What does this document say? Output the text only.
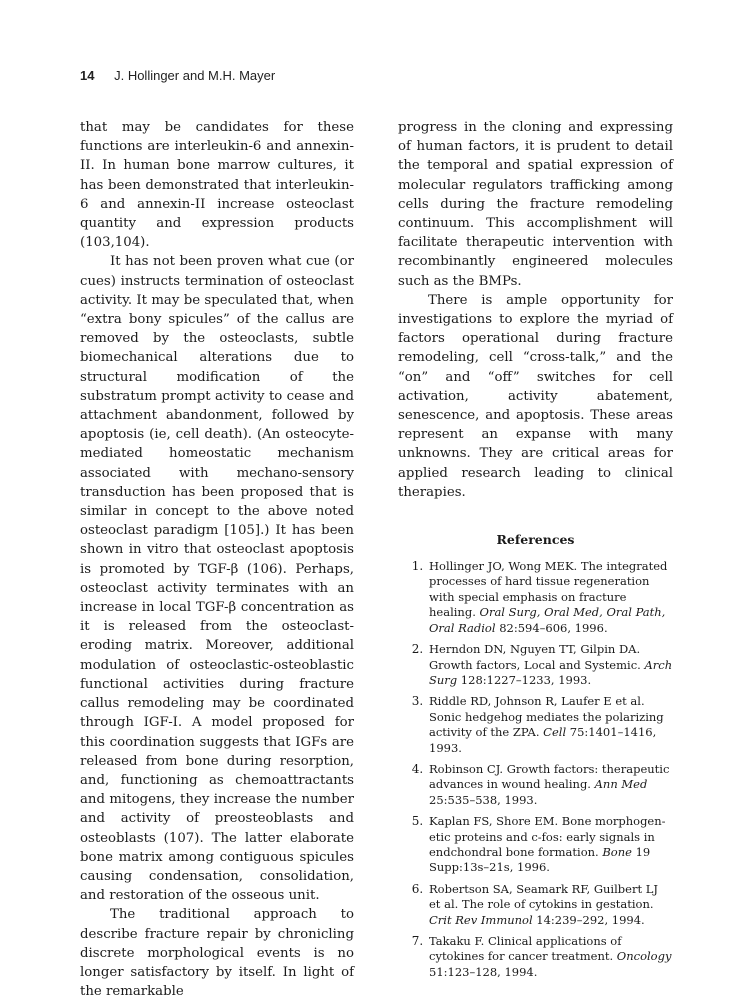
14 J. Hollinger and M.H. Mayer

that may be candidates for these functions are interleukin-6 and annexin-II. In human bone marrow cultures, it has been demonstrated that interleukin-6 and annexin-II increase osteoclast quantity and expression products (103,104).

It has not been proven what cue (or cues) instructs termination of osteoclast activity. It may be speculated that, when “extra bony spicules” of the callus are removed by the osteoclasts, subtle biomechanical alterations due to structural modification of the substratum prompt activity to cease and attachment abandonment, followed by apoptosis (ie, cell death). (An osteocyte-mediated homeostatic mechanism associated with mechano-sensory transduction has been proposed that is similar in concept to the above noted osteoclast paradigm [105].) It has been shown in vitro that osteoclast apoptosis is promoted by TGF-β (106). Perhaps, osteoclast activity terminates with an increase in local TGF-β concentration as it is released from the osteoclast-eroding matrix. Moreover, additional modulation of osteoclastic-osteoblastic functional activities during fracture callus remodeling may be coordinated through IGF-I. A model proposed for this coordination suggests that IGFs are released from bone during resorption, and, functioning as chemoattractants and mitogens, they increase the number and activity of preosteoblasts and osteoblasts (107). The latter elaborate bone matrix among contiguous spicules causing condensation, consolidation, and restoration of the osseous unit.

The traditional approach to describe fracture repair by chronicling discrete morphological events is no longer satisfactory by itself. In light of the remarkable

progress in the cloning and expressing of human factors, it is prudent to detail the temporal and spatial expression of molecular regulators trafficking among cells during the fracture remodeling continuum. This accomplishment will facilitate therapeutic intervention with recombinantly engineered molecules such as the BMPs.

There is ample opportunity for investigations to explore the myriad of factors operational during fracture remodeling, cell “cross-talk,” and the “on” and “off” switches for cell activation, activity abatement, senescence, and apoptosis. These areas represent an expanse with many unknowns. They are critical areas for applied research leading to clinical therapies.

References
1. Hollinger JO, Wong MEK. The integrated processes of hard tissue regeneration with special emphasis on fracture healing. Oral Surg, Oral Med, Oral Path, Oral Radiol 82:594–606, 1996.
2. Herndon DN, Nguyen TT, Gilpin DA. Growth factors, Local and Systemic. Arch Surg 128:1227–1233, 1993.
3. Riddle RD, Johnson R, Laufer E et al. Sonic hedgehog mediates the polarizing activity of the ZPA. Cell 75:1401–1416, 1993.
4. Robinson CJ. Growth factors: therapeutic advances in wound healing. Ann Med 25:535–538, 1993.
5. Kaplan FS, Shore EM. Bone morphogenetic proteins and c-fos: early signals in endchondral bone formation. Bone 19 Supp:13s–21s, 1996.
6. Robertson SA, Seamark RF, Guilbert LJ et al. The role of cytokins in gestation. Crit Rev Immunol 14:239–292, 1994.
7. Takaku F. Clinical applications of cytokines for cancer treatment. Oncology 51:123–128, 1994.
